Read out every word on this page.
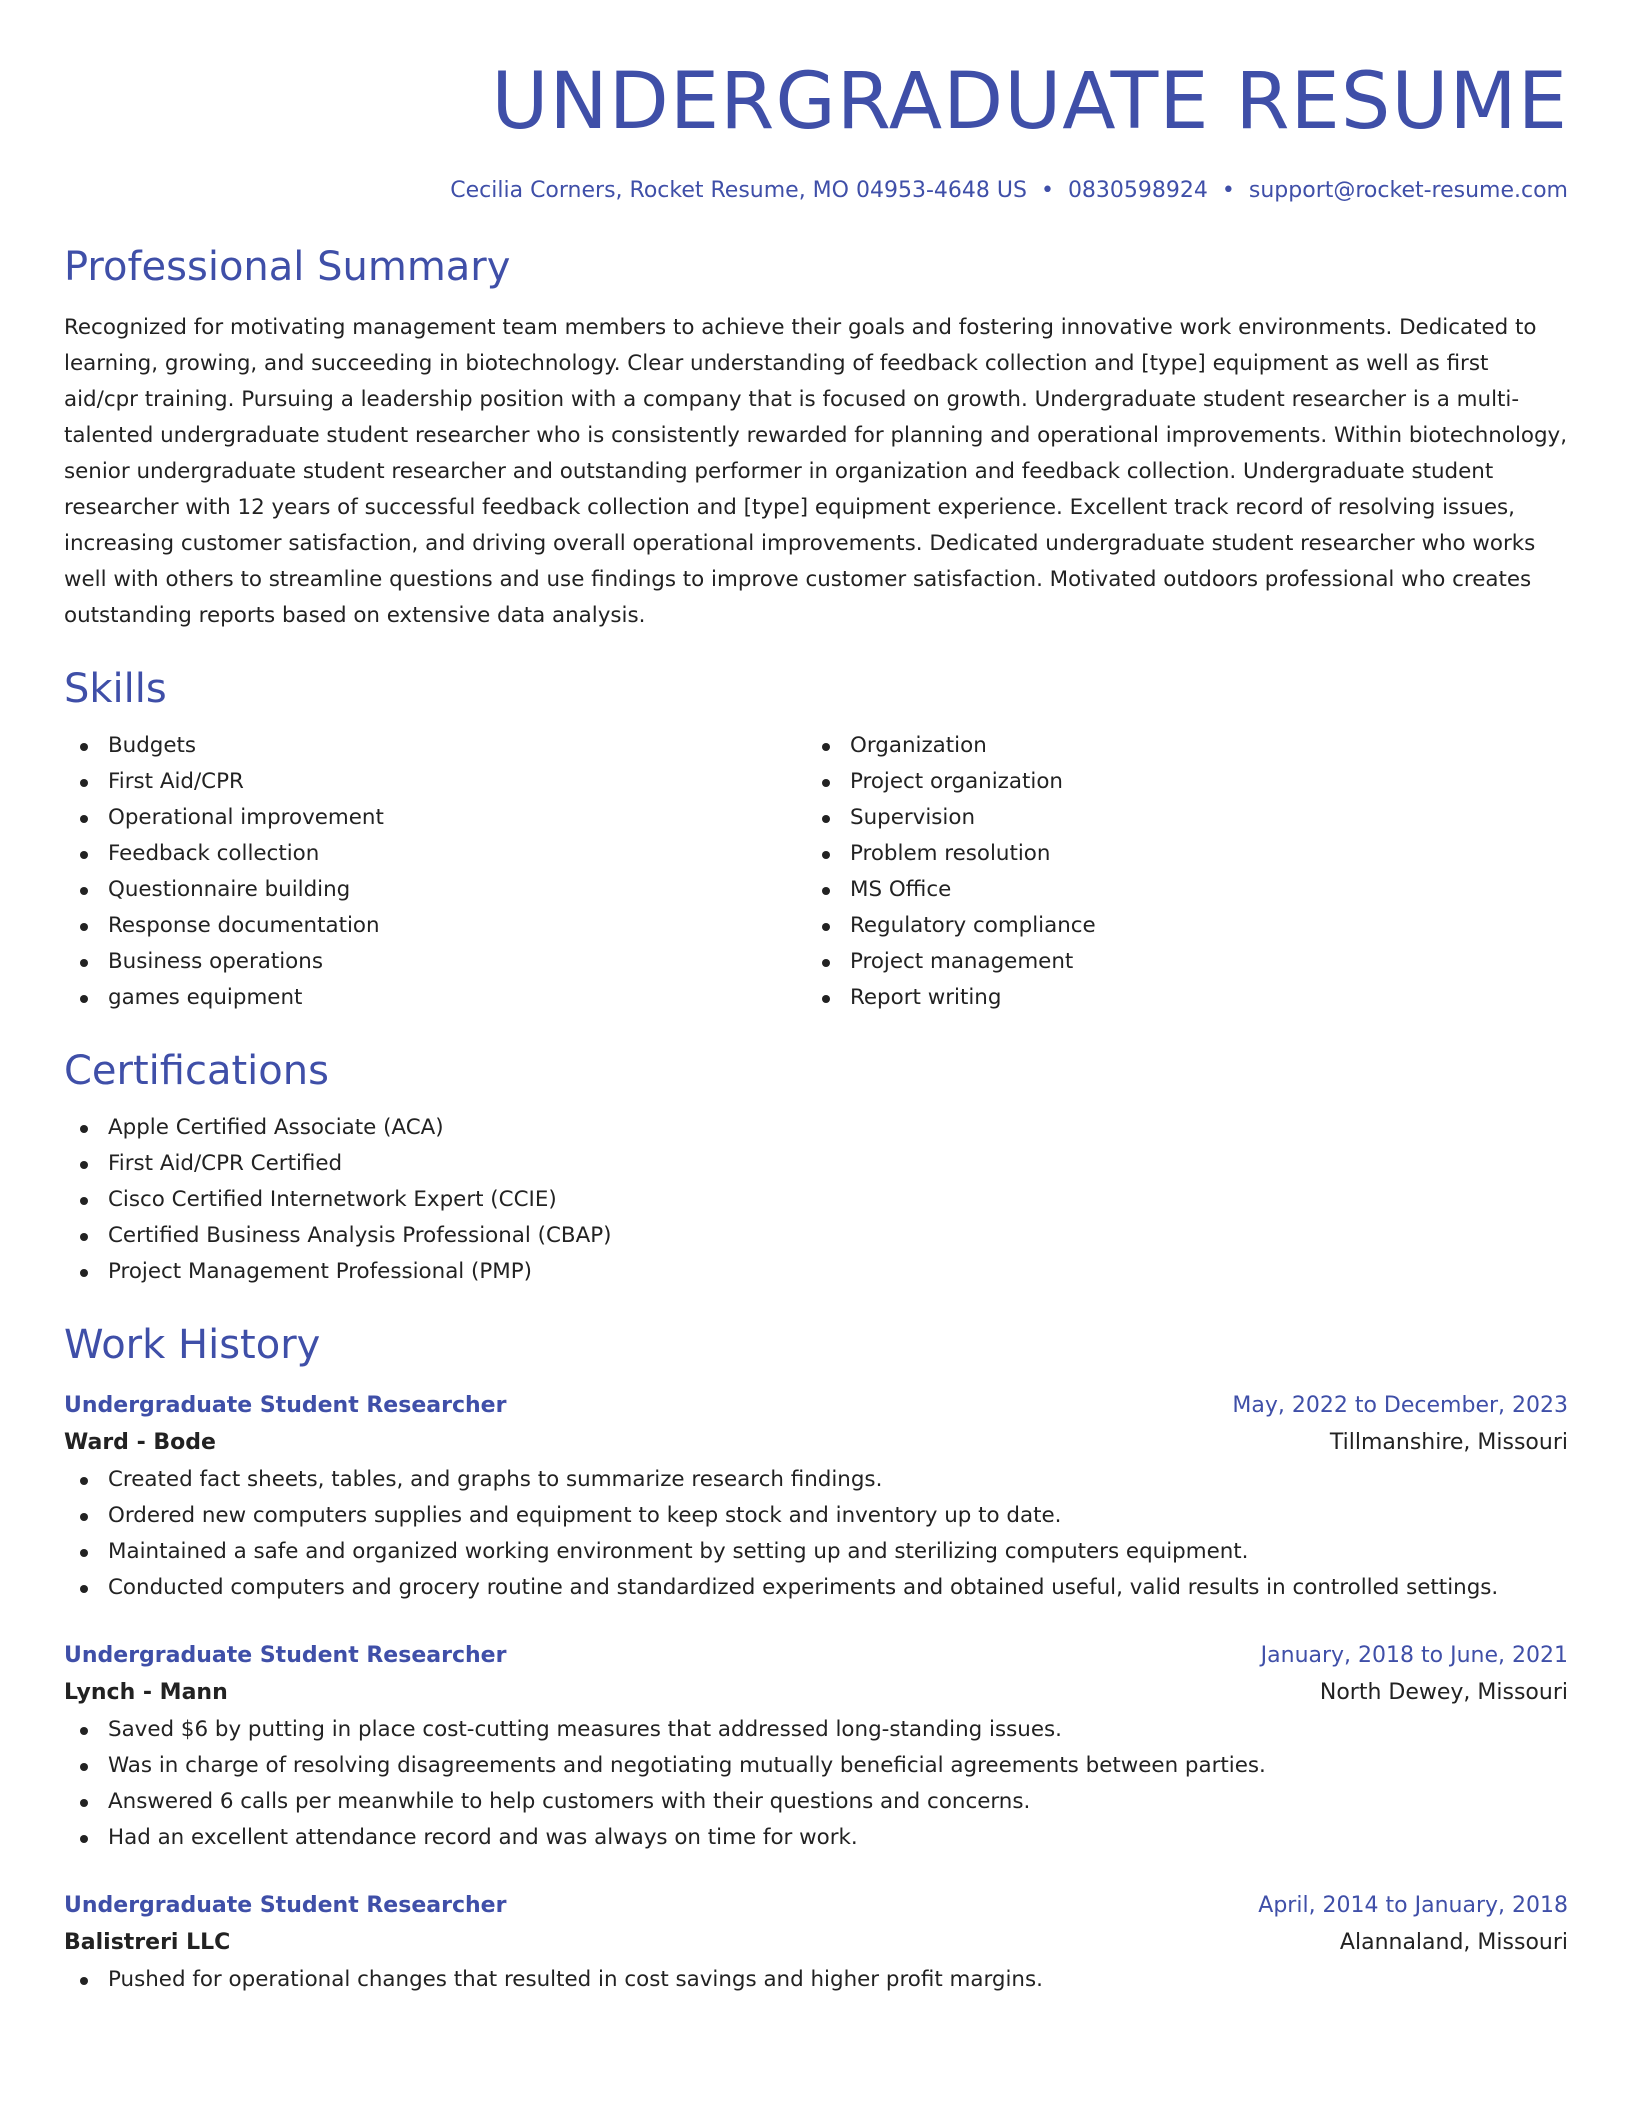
UNDERGRADUATE RESUME
Cecilia Corners, Rocket Resume, MO 04953-4648 US • 0830598924 • support@rocket-resume.com
Professional Summary

Recognized for motivating management team members to achieve their goals and fostering innovative work environments. Dedicated to learning, growing, and succeeding in biotechnology. Clear understanding of feedback collection and [type] equipment as well as first aid/cpr training. Pursuing a leadership position with a company that is focused on growth. Undergraduate student researcher is a multi-talented undergraduate student researcher who is consistently rewarded for planning and operational improvements. Within biotechnology, senior undergraduate student researcher and outstanding performer in organization and feedback collection. Undergraduate student researcher with 12 years of successful feedback collection and [type] equipment experience. Excellent track record of resolving issues, increasing customer satisfaction, and driving overall operational improvements. Dedicated undergraduate student researcher who works well with others to streamline questions and use findings to improve customer satisfaction. Motivated outdoors professional who creates outstanding reports based on extensive data analysis.

Skills
Budgets
First Aid/CPR
Operational improvement
Feedback collection
Questionnaire building
Response documentation
Business operations
games equipment
Organization
Project organization
Supervision
Problem resolution
MS Office
Regulatory compliance
Project management
Report writing
Certifications
Apple Certified Associate (ACA)
First Aid/CPR Certified
Cisco Certified Internetwork Expert (CCIE)
Certified Business Analysis Professional (CBAP)
Project Management Professional (PMP)
Work History
Undergraduate Student Researcher	May, 2022 to December, 2023
Ward - Bode	Tillmanshire, Missouri
Created fact sheets, tables, and graphs to summarize research findings.
Ordered new computers supplies and equipment to keep stock and inventory up to date.
Maintained a safe and organized working environment by setting up and sterilizing computers equipment.
Conducted computers and grocery routine and standardized experiments and obtained useful, valid results in controlled settings.
Undergraduate Student Researcher	January, 2018 to June, 2021
Lynch - Mann	North Dewey, Missouri
Saved $6 by putting in place cost-cutting measures that addressed long-standing issues.
Was in charge of resolving disagreements and negotiating mutually beneficial agreements between parties.
Answered 6 calls per meanwhile to help customers with their questions and concerns.
Had an excellent attendance record and was always on time for work.
Undergraduate Student Researcher	April, 2014 to January, 2018
Balistreri LLC	Alannaland, Missouri
Pushed for operational changes that resulted in cost savings and higher profit margins.
